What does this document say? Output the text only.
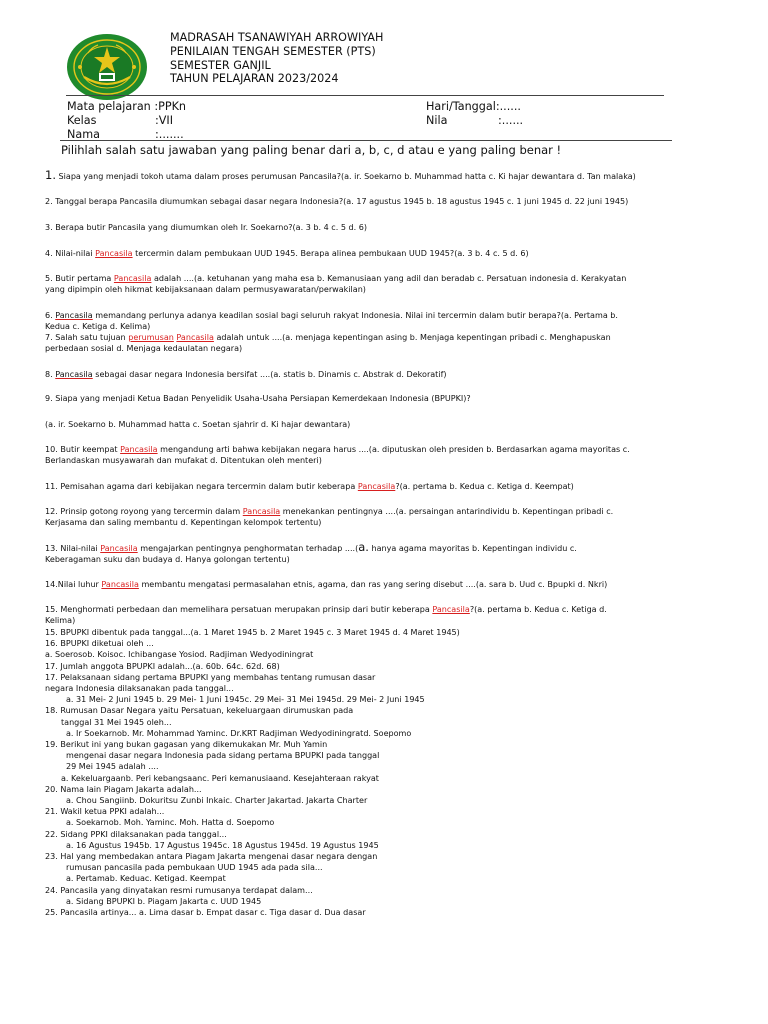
MADRASAH TSANAWIYAH ARROWIYAH
PENILAIAN TENGAH SEMESTER (PTS)
SEMESTER GANJIL
TAHUN PELAJARAN 2023/2024
Mata pelajaran :PPKn
Kelas	:VII
Nama	:.......
Hari/Tanggal:......
Nila	:......
Pilihlah salah satu jawaban yang paling benar dari a, b, c, d atau e yang paling benar !
1. Siapa yang menjadi tokoh utama dalam proses perumusan Pancasila?(a. ir. Soekarno b. Muhammad hatta c. Ki hajar dewantara d. Tan malaka)
2. Tanggal berapa Pancasila diumumkan sebagai dasar negara Indonesia?(a. 17 agustus 1945 b. 18 agustus 1945 c. 1 juni 1945 d. 22 juni 1945)
3. Berapa butir Pancasila yang diumumkan oleh Ir. Soekarno?(a. 3 b. 4 c. 5 d. 6)
4. Nilai-nilai Pancasila tercermin dalam pembukaan UUD 1945. Berapa alinea pembukaan UUD 1945?(a. 3 b. 4 c. 5 d. 6)
5. Butir pertama Pancasila adalah ....(a. ketuhanan yang maha esa b. Kemanusiaan yang adil dan beradab c. Persatuan indonesia d. Kerakyatan
yang dipimpin oleh hikmat kebijaksanaan dalam permusyawaratan/perwakilan)
6. Pancasila memandang perlunya adanya keadilan sosial bagi seluruh rakyat Indonesia. Nilai ini tercermin dalam butir berapa?(a. Pertama b.
Kedua c. Ketiga d. Kelima)
7. Salah satu tujuan perumusan Pancasila adalah untuk ....(a. menjaga kepentingan asing b. Menjaga kepentingan pribadi c. Menghapuskan
perbedaan sosial d. Menjaga kedaulatan negara)
8. Pancasila sebagai dasar negara Indonesia bersifat ....(a. statis b. Dinamis c. Abstrak d. Dekoratif)
9. Siapa yang menjadi Ketua Badan Penyelidik Usaha-Usaha Persiapan Kemerdekaan Indonesia (BPUPKI)?
(a. ir. Soekarno b. Muhammad hatta c. Soetan sjahrir d. Ki hajar dewantara)
10. Butir keempat Pancasila mengandung arti bahwa kebijakan negara harus ....(a. diputuskan oleh presiden b. Berdasarkan agama mayoritas c.
Berlandaskan musyawarah dan mufakat d. Ditentukan oleh menteri)
11. Pemisahan agama dari kebijakan negara tercermin dalam butir keberapa Pancasila?(a. pertama b. Kedua c. Ketiga d. Keempat)
12. Prinsip gotong royong yang tercermin dalam Pancasila menekankan pentingnya ....(a. persaingan antarindividu b. Kepentingan pribadi c.
Kerjasama dan saling membantu d. Kepentingan kelompok tertentu)
13. Nilai-nilai Pancasila mengajarkan pentingnya penghormatan terhadap ....(a. hanya agama mayoritas b. Kepentingan individu c.
Keberagaman suku dan budaya d. Hanya golongan tertentu)
14.Nilai luhur Pancasila membantu mengatasi permasalahan etnis, agama, dan ras yang sering disebut ....(a. sara b. Uud c. Bpupki d. Nkri)
15. Menghormati perbedaan dan memelihara persatuan merupakan prinsip dari butir keberapa Pancasila?(a. pertama b. Kedua c. Ketiga d.
Kelima)
15. BPUPKI dibentuk pada tanggal...(a. 1 Maret 1945 b. 2 Maret 1945 c. 3 Maret 1945 d. 4 Maret 1945)
16. BPUPKI diketuai oleh ...
a. Soerosob. Koisoc. Ichibangase Yosiod. Radjiman Wedyodiningrat
17. Jumlah anggota BPUPKI adalah...(a. 60b. 64c. 62d. 68)
17. Pelaksanaan sidang pertama BPUPKI yang membahas tentang rumusan dasar
negara Indonesia dilaksanakan pada tanggal...
a. 31 Mei- 2 Juni 1945 b. 29 Mei- 1 Juni 1945c. 29 Mei- 31 Mei 1945d. 29 Mei- 2 Juni 1945
18. Rumusan Dasar Negara yaitu Persatuan, kekeluargaan dirumuskan pada
tanggal 31 Mei 1945 oleh...
a. Ir Soekarnob. Mr. Mohammad Yaminc. Dr.KRT Radjiman Wedyodiningratd. Soepomo
19. Berikut ini yang bukan gagasan yang dikemukakan Mr. Muh Yamin
mengenai dasar negara Indonesia pada sidang pertama BPUPKI pada tanggal
29 Mei 1945 adalah ....
a. Kekeluargaanb. Peri kebangsaanc. Peri kemanusiaand. Kesejahteraan rakyat
20. Nama lain Piagam Jakarta adalah...
a. Chou Sangiinb. Dokuritsu Zunbi Inkaic. Charter Jakartad. Jakarta Charter
21. Wakil ketua PPKI adalah...
a. Soekarnob. Moh. Yaminc. Moh. Hatta d. Soepomo
22. Sidang PPKI dilaksanakan pada tanggal...
a. 16 Agustus 1945b. 17 Agustus 1945c. 18 Agustus 1945d. 19 Agustus 1945
23. Hal yang membedakan antara Piagam Jakarta mengenai dasar negara dengan
rumusan pancasila pada pembukaan UUD 1945 ada pada sila...
a. Pertamab. Keduac. Ketigad. Keempat
24. Pancasila yang dinyatakan resmi rumusanya terdapat dalam...
a. Sidang BPUPKI b. Piagam Jakarta c. UUD 1945
25. Pancasila artinya... a. Lima dasar b. Empat dasar c. Tiga dasar d. Dua dasar
